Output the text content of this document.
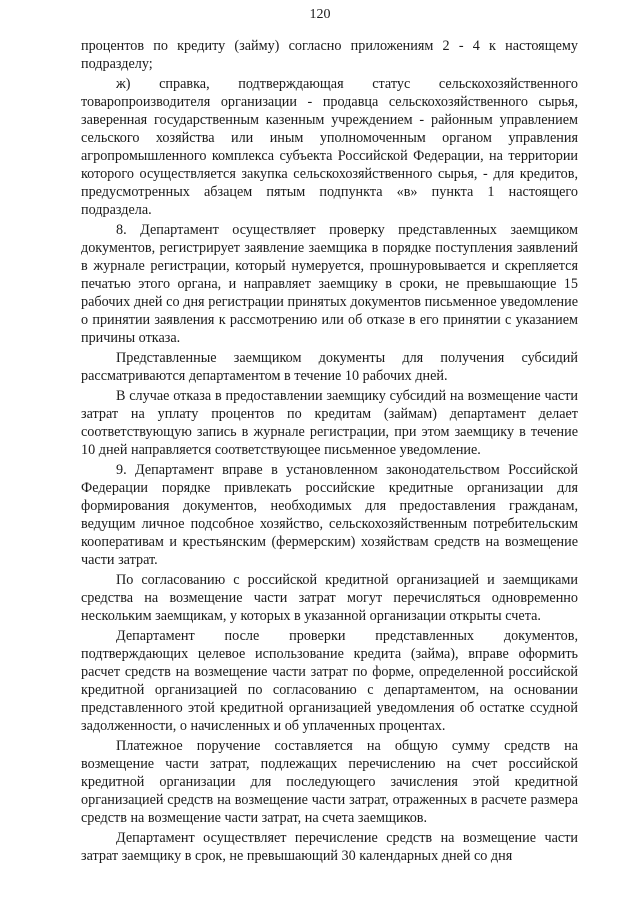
120

процентов по кредиту (займу) согласно приложениям 2 - 4 к настоящему подразделу;

ж) справка, подтверждающая статус сельскохозяйственного товаропроизводителя организации - продавца сельскохозяйственного сырья, заверенная государственным казенным учреждением - районным управлением сельского хозяйства или иным уполномоченным органом управления агропромышленного комплекса субъекта Российской Федерации, на территории которого осуществляется закупка сельскохозяйственного сырья, - для кредитов, предусмотренных абзацем пятым подпункта «в» пункта 1 настоящего подраздела.

8. Департамент осуществляет проверку представленных заемщиком документов, регистрирует заявление заемщика в порядке поступления заявлений в журнале регистрации, который нумеруется, прошнуровывается и скрепляется печатью этого органа, и направляет заемщику в сроки, не превышающие 15 рабочих дней со дня регистрации принятых документов письменное уведомление о принятии заявления к рассмотрению или об отказе в его принятии с указанием причины отказа.

Представленные заемщиком документы для получения субсидий рассматриваются департаментом в течение 10 рабочих дней.

В случае отказа в предоставлении заемщику субсидий на возмещение части затрат на уплату процентов по кредитам (займам) департамент делает соответствующую запись в журнале регистрации, при этом заемщику в течение 10 дней направляется соответствующее письменное уведомление.

9. Департамент вправе в установленном законодательством Российской Федерации порядке привлекать российские кредитные организации для формирования документов, необходимых для предоставления гражданам, ведущим личное подсобное хозяйство, сельскохозяйственным потребительским кооперативам и крестьянским (фермерским) хозяйствам средств на возмещение части затрат.

По согласованию с российской кредитной организацией и заемщиками средства на возмещение части затрат могут перечисляться одновременно нескольким заемщикам, у которых в указанной организации открыты счета.

Департамент после проверки представленных документов, подтверждающих целевое использование кредита (займа), вправе оформить расчет средств на возмещение части затрат по форме, определенной российской кредитной организацией по согласованию с департаментом, на основании представленного этой кредитной организацией уведомления об остатке ссудной задолженности, о начисленных и об уплаченных процентах.

Платежное поручение составляется на общую сумму средств на возмещение части затрат, подлежащих перечислению на счет российской кредитной организации для последующего зачисления этой кредитной организацией средств на возмещение части затрат, отраженных в расчете размера средств на возмещение части затрат, на счета заемщиков.

Департамент осуществляет перечисление средств на возмещение части затрат заемщику в срок, не превышающий 30 календарных дней со дня
